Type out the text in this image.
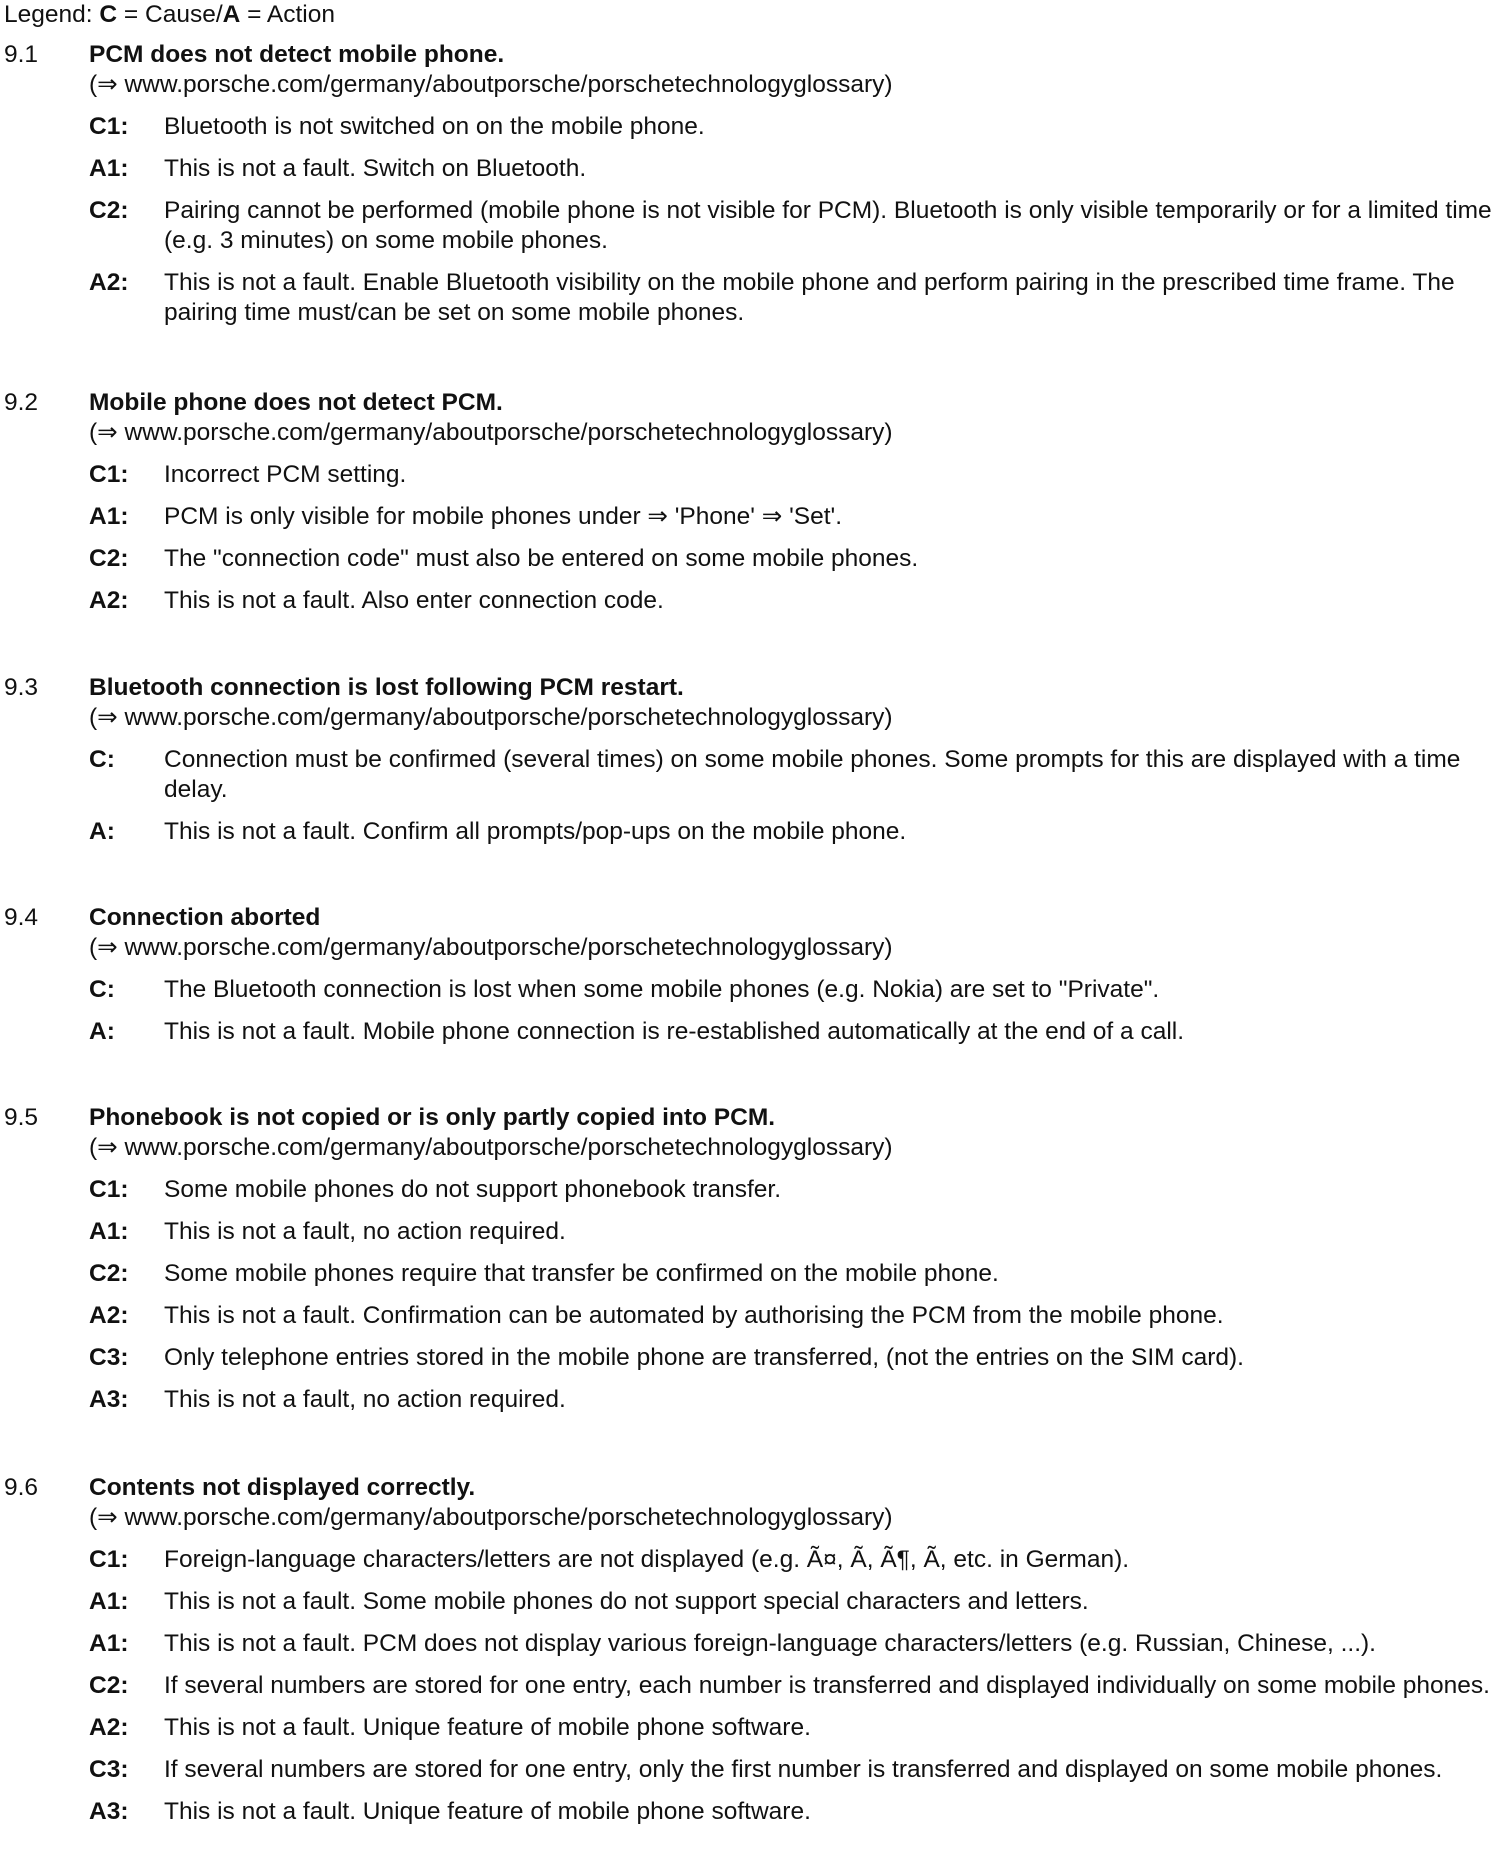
Legend: C = Cause/A = Action
9.1 PCM does not detect mobile phone.
(⇒ www.porsche.com/germany/aboutporsche/porschetechnologyglossary)
C1:	Bluetooth is not switched on on the mobile phone.
A1:	This is not a fault. Switch on Bluetooth.
C2:	Pairing cannot be performed (mobile phone is not visible for PCM). Bluetooth is only visible temporarily or for a limited time (e.g. 3 minutes) on some mobile phones.
A2:	This is not a fault. Enable Bluetooth visibility on the mobile phone and perform pairing in the prescribed time frame. The pairing time must/can be set on some mobile phones.
9.2 Mobile phone does not detect PCM.
(⇒ www.porsche.com/germany/aboutporsche/porschetechnologyglossary)
C1:	Incorrect PCM setting.
A1:	PCM is only visible for mobile phones under ⇒ 'Phone' ⇒ 'Set'.
C2:	The "connection code" must also be entered on some mobile phones.
A2:	This is not a fault. Also enter connection code.
9.3 Bluetooth connection is lost following PCM restart.
(⇒ www.porsche.com/germany/aboutporsche/porschetechnologyglossary)
C:	Connection must be confirmed (several times) on some mobile phones. Some prompts for this are displayed with a time delay.
A:	This is not a fault. Confirm all prompts/pop-ups on the mobile phone.
9.4 Connection aborted
(⇒ www.porsche.com/germany/aboutporsche/porschetechnologyglossary)
C:	The Bluetooth connection is lost when some mobile phones (e.g. Nokia) are set to "Private".
A:	This is not a fault. Mobile phone connection is re-established automatically at the end of a call.
9.5 Phonebook is not copied or is only partly copied into PCM.
(⇒ www.porsche.com/germany/aboutporsche/porschetechnologyglossary)
C1:	Some mobile phones do not support phonebook transfer.
A1:	This is not a fault, no action required.
C2:	Some mobile phones require that transfer be confirmed on the mobile phone.
A2:	This is not a fault. Confirmation can be automated by authorising the PCM from the mobile phone.
C3:	Only telephone entries stored in the mobile phone are transferred, (not the entries on the SIM card).
A3:	This is not a fault, no action required.
9.6 Contents not displayed correctly.
(⇒ www.porsche.com/germany/aboutporsche/porschetechnologyglossary)
C1:	Foreign-language characters/letters are not displayed (e.g. Ã¤, Ã, Ã¶, Ã, etc. in German).
A1:	This is not a fault. Some mobile phones do not support special characters and letters.
A1:	This is not a fault. PCM does not display various foreign-language characters/letters (e.g. Russian, Chinese, ...).
C2:	If several numbers are stored for one entry, each number is transferred and displayed individually on some mobile phones.
A2:	This is not a fault. Unique feature of mobile phone software.
C3:	If several numbers are stored for one entry, only the first number is transferred and displayed on some mobile phones.
A3:	This is not a fault. Unique feature of mobile phone software.
